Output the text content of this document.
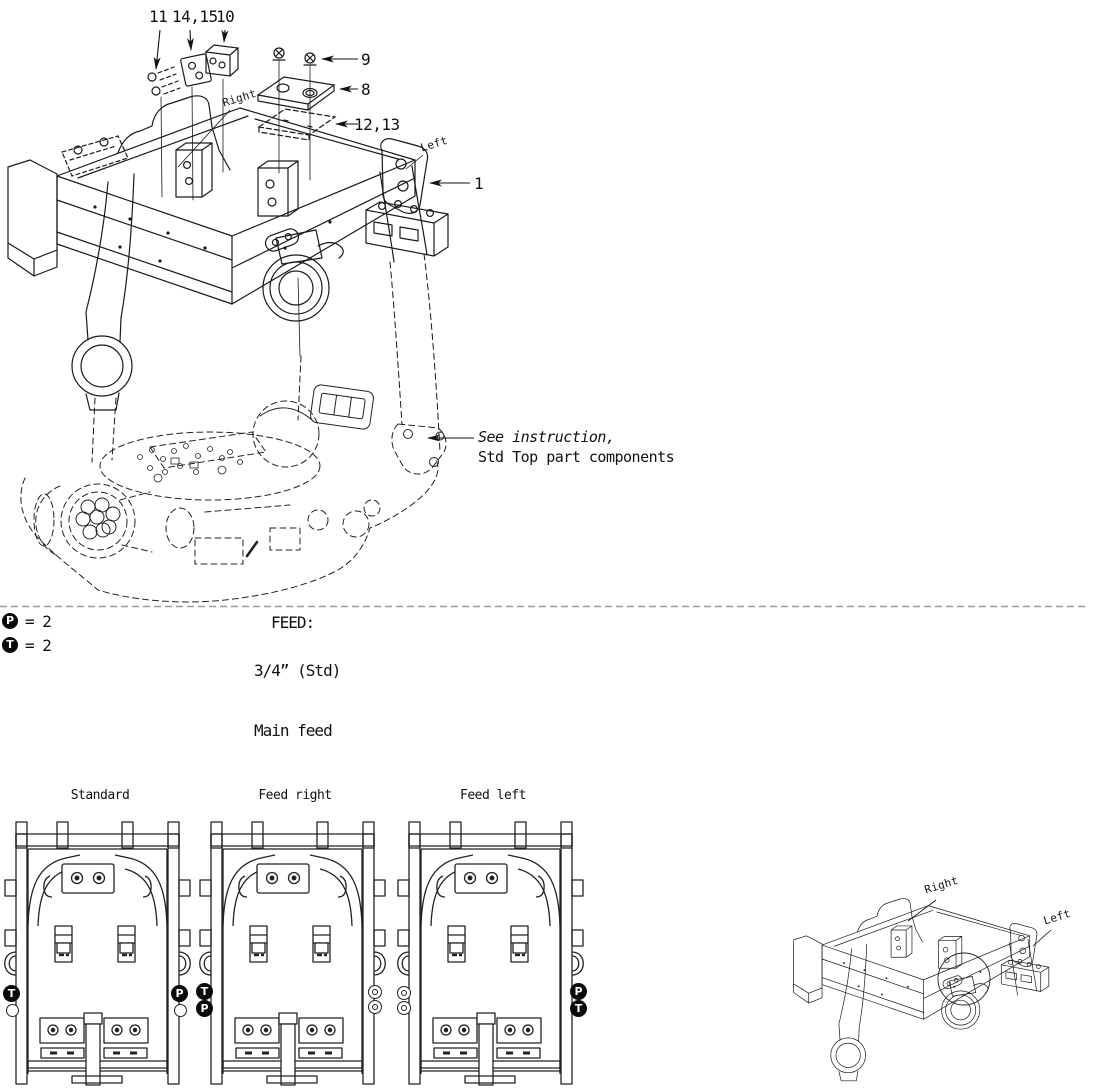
11 14,15
10
9
8
12,13
1
Right
Left
See instruction,
Std Top part components
P = 2
T = 2
FEED:
3/4” (Std)
Main feed
Standard	Feed right	Feed left
T	P	T
P
P
T
Right
Left
